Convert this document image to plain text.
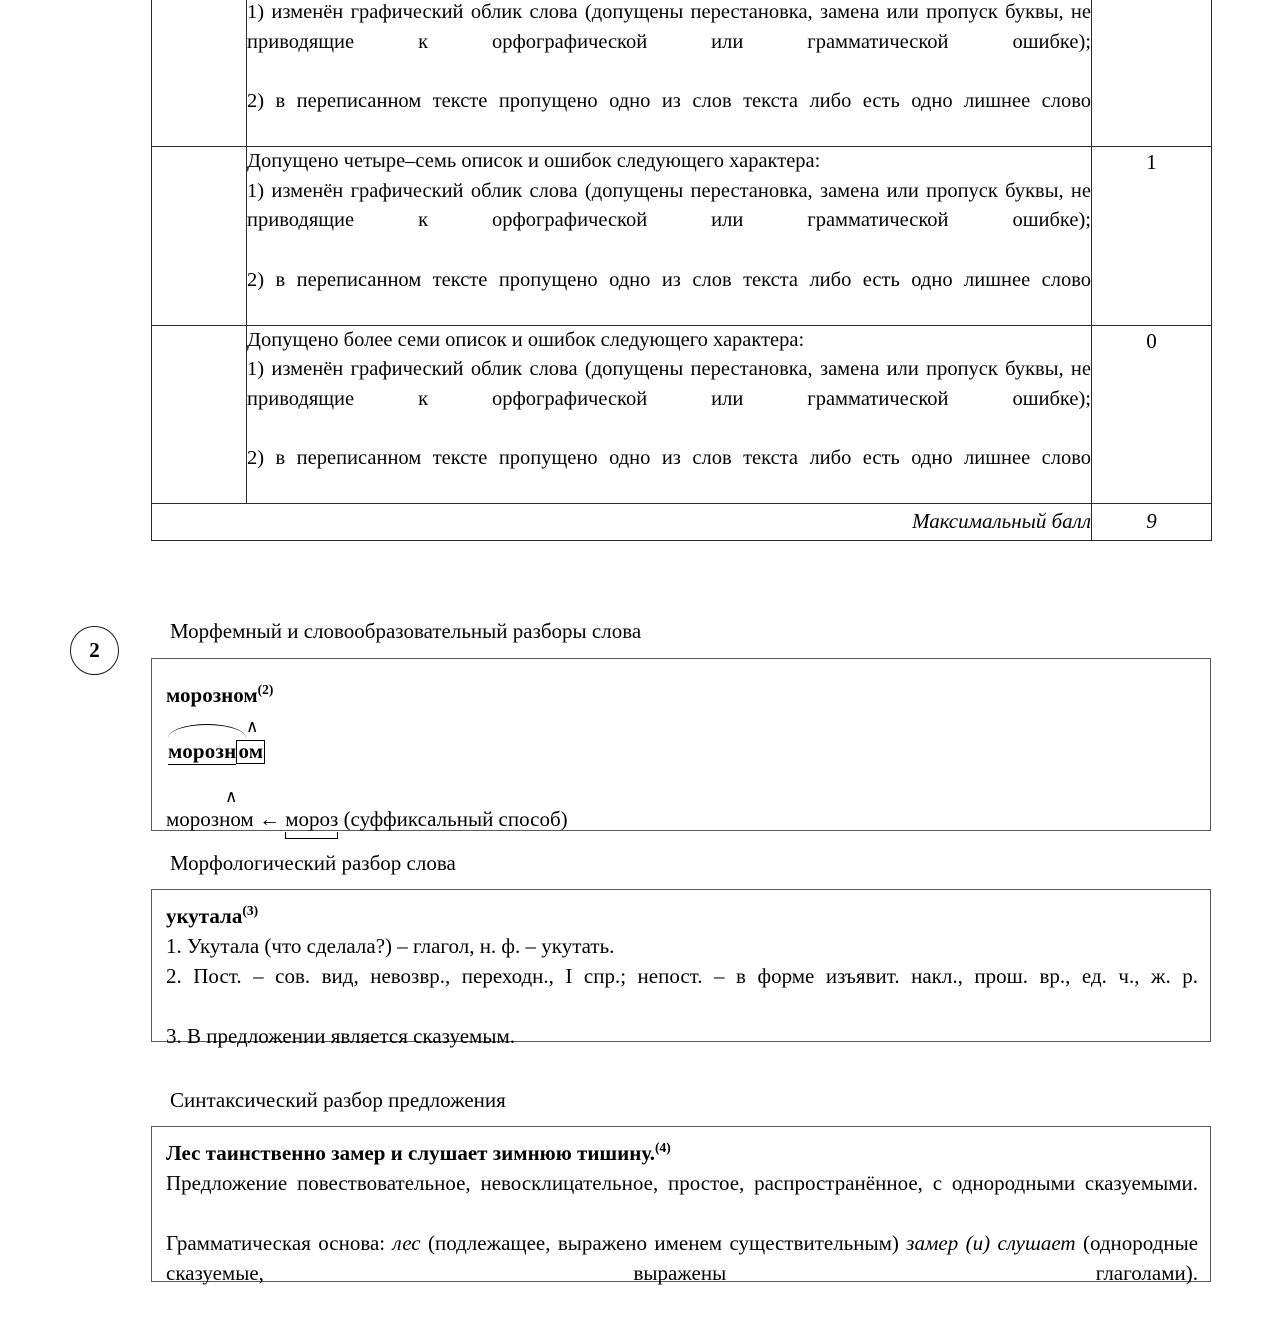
	1) изменён графический облик слова (допущены перестановка, замена или пропуск буквы, не приводящие к орфографической или грамматической ошибке);

2) в переписанном тексте пропущено одно из слов текста либо есть одно лишнее слово	

	Допущено четыре–семь описок и ошибок следующего характера:

1) изменён графический облик слова (допущены перестановка, замена или пропуск буквы, не приводящие к орфографической или грамматической ошибке);

2) в переписанном тексте пропущено одно из слов текста либо есть одно лишнее слово	1

	Допущено более семи описок и ошибок следующего характера:

1) изменён графический облик слова (допущены перестановка, замена или пропуск буквы, не приводящие к орфографической или грамматической ошибке);

2) в переписанном тексте пропущено одно из слов текста либо есть одно лишнее слово	0
Максимальный балл		9
2
Морфемный и словообразовательный разборы слова

морозном$^{(2)}$

∧
морозном
∧
морозном ← мороз (суффиксальный способ)
Морфологический разбор слова

укутала$^{(3)}$

1. Укутала (что сделала?) – глагол, н. ф. – укутать.

2. Пост. – сов. вид, невозвр., переходн., I спр.; непост. – в форме изъявит. накл., прош. вр., ед. ч., ж. р.

3. В предложении является сказуемым.

Синтаксический разбор предложения

Лес таинственно замер и слушает зимнюю тишину.$^{(4)}$

Предложение повествовательное, невосклицательное, простое, распространённое, с однородными сказуемыми.

Грамматическая основа: лес (подлежащее, выражено именем существительным) замер (и) слушает (однородные сказуемые, выражены глаголами).
